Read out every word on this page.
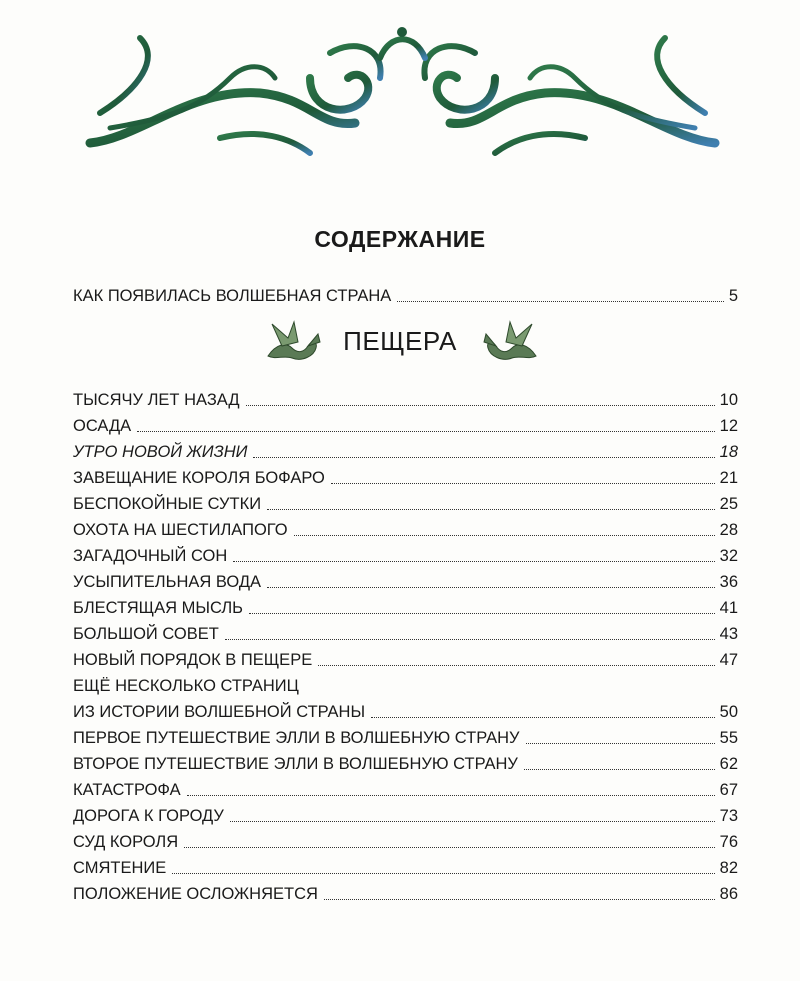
СОДЕРЖАНИЕ
КАК ПОЯВИЛАСЬ ВОЛШЕБНАЯ СТРАНА	5
ПЕЩЕРА
ТЫСЯЧУ ЛЕТ НАЗАД	10
ОСАДА	12
УТРО НОВОЙ ЖИЗНИ	18
ЗАВЕЩАНИЕ КОРОЛЯ БОФАРО	21
БЕСПОКОЙНЫЕ СУТКИ	25
ОХОТА НА ШЕСТИЛАПОГО	28
ЗАГАДОЧНЫЙ СОН	32
УСЫПИТЕЛЬНАЯ ВОДА	36
БЛЕСТЯЩАЯ МЫСЛЬ	41
БОЛЬШОЙ СОВЕТ	43
НОВЫЙ ПОРЯДОК В ПЕЩЕРЕ	47
ЕЩЁ НЕСКОЛЬКО СТРАНИЦ
ИЗ ИСТОРИИ ВОЛШЕБНОЙ СТРАНЫ	50
ПЕРВОЕ ПУТЕШЕСТВИЕ ЭЛЛИ В ВОЛШЕБНУЮ СТРАНУ	55
ВТОРОЕ ПУТЕШЕСТВИЕ ЭЛЛИ В ВОЛШЕБНУЮ СТРАНУ	62
КАТАСТРОФА	67
ДОРОГА К ГОРОДУ	73
СУД КОРОЛЯ	76
СМЯТЕНИЕ	82
ПОЛОЖЕНИЕ ОСЛОЖНЯЕТСЯ	86
